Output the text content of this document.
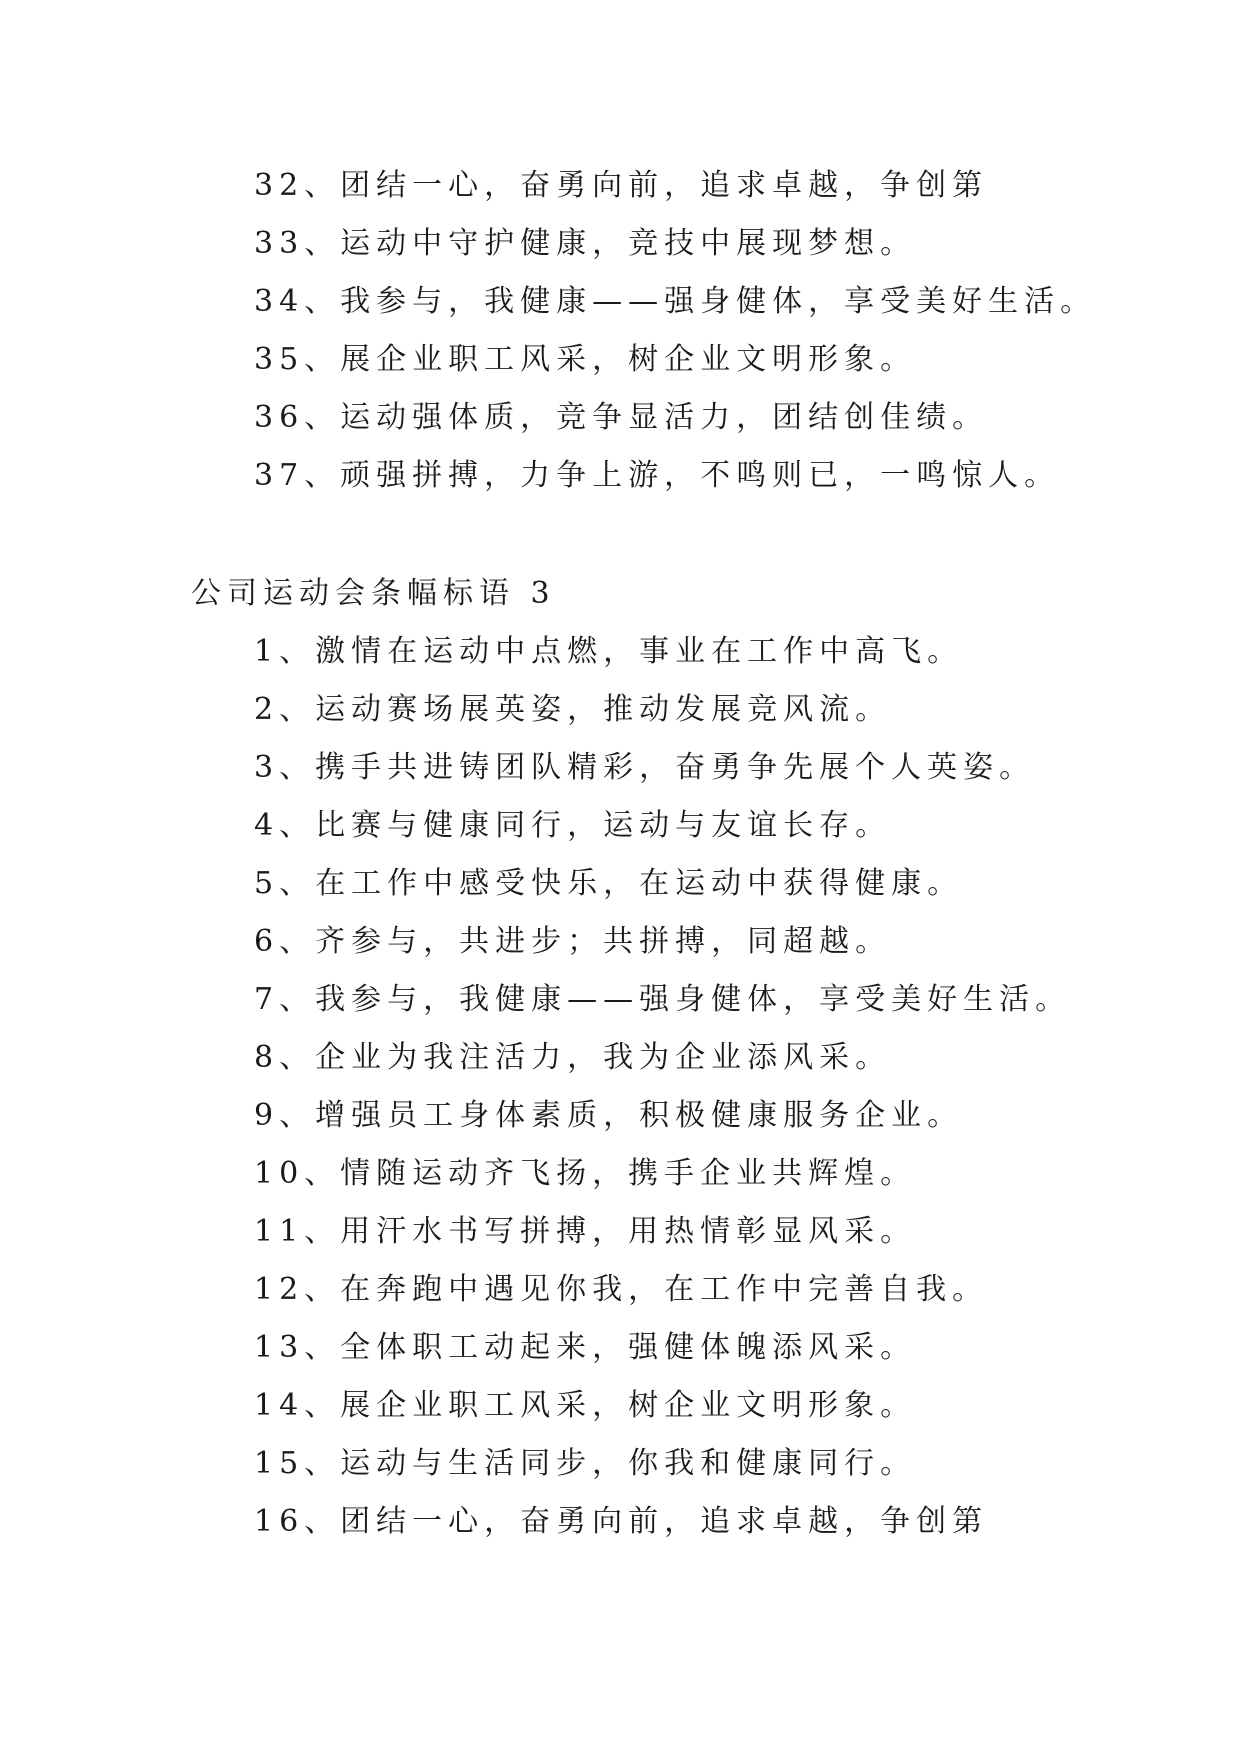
32、团结一心，奋勇向前，追求卓越，争创第
33、运动中守护健康，竞技中展现梦想。
34、我参与，我健康——强身健体，享受美好生活。
35、展企业职工风采，树企业文明形象。
36、运动强体质，竞争显活力，团结创佳绩。
37、顽强拼搏，力争上游，不鸣则已，一鸣惊人。
公司运动会条幅标语 3
1、激情在运动中点燃，事业在工作中高飞。
2、运动赛场展英姿，推动发展竞风流。
3、携手共进铸团队精彩，奋勇争先展个人英姿。
4、比赛与健康同行，运动与友谊长存。
5、在工作中感受快乐，在运动中获得健康。
6、齐参与，共进步；共拼搏，同超越。
7、我参与，我健康——强身健体，享受美好生活。
8、企业为我注活力，我为企业添风采。
9、增强员工身体素质，积极健康服务企业。
10、情随运动齐飞扬，携手企业共辉煌。
11、用汗水书写拼搏，用热情彰显风采。
12、在奔跑中遇见你我，在工作中完善自我。
13、全体职工动起来，强健体魄添风采。
14、展企业职工风采，树企业文明形象。
15、运动与生活同步，你我和健康同行。
16、团结一心，奋勇向前，追求卓越，争创第
